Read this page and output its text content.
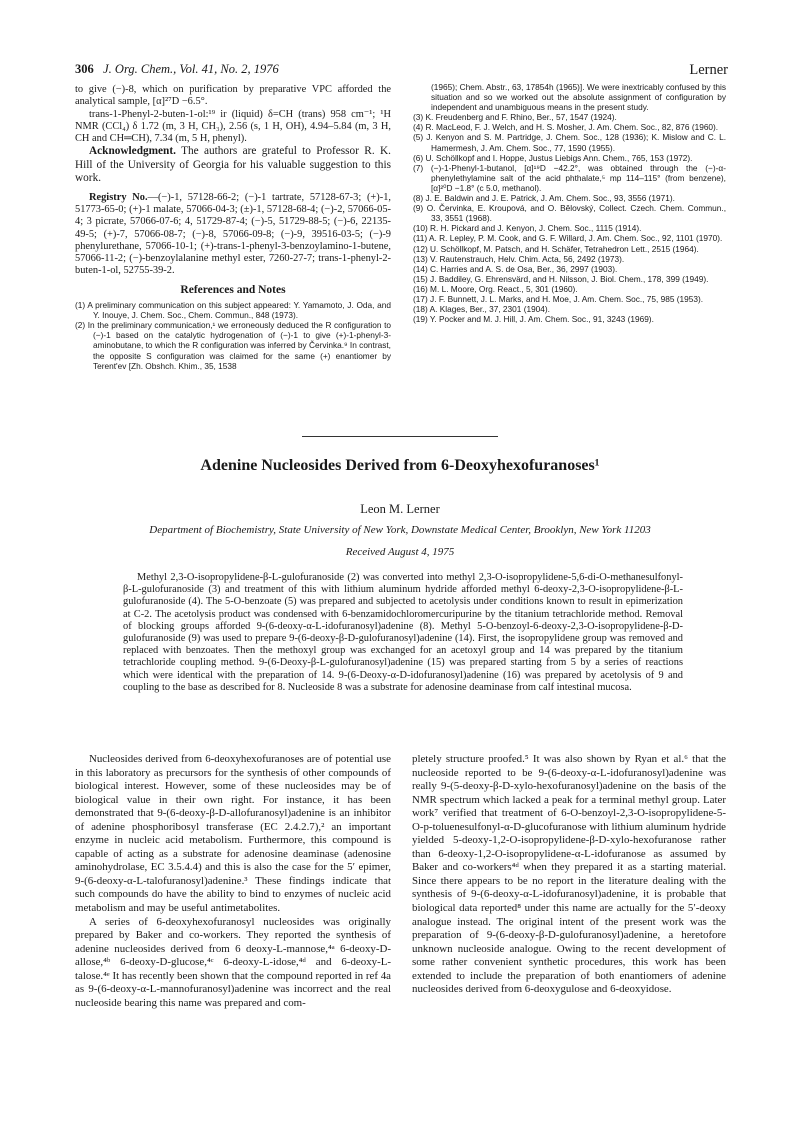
306 J. Org. Chem., Vol. 41, No. 2, 1976	Lerner

to give (−)-8, which on purification by preparative VPC afforded the analytical sample, [α]²⁷D −6.5°.

trans-1-Phenyl-2-buten-1-ol:¹⁹ ir (liquid) δ=CH (trans) 958 cm⁻¹; ¹H NMR (CCl₄) δ 1.72 (m, 3 H, CH₃), 2.56 (s, 1 H, OH), 4.94–5.84 (m, 3 H, CH and CH═CH), 7.34 (m, 5 H, phenyl).

Acknowledgment. The authors are grateful to Professor R. K. Hill of the University of Georgia for his valuable suggestion to this work.

Registry No.—(−)-1, 57128-66-2; (−)-1 tartrate, 57128-67-3; (+)-1, 51773-65-0; (+)-1 malate, 57066-04-3; (±)-1, 57128-68-4; (−)-2, 57066-05-4; 3 picrate, 57066-07-6; 4, 51729-87-4; (−)-5, 51729-88-5; (−)-6, 22135-49-5; (+)-7, 57066-08-7; (−)-8, 57066-09-8; (−)-9, 39516-03-5; (−)-9 phenylurethane, 57066-10-1; (+)-trans-1-phenyl-3-benzoylamino-1-butene, 57066-11-2; (−)-benzoylalanine methyl ester, 7260-27-7; trans-1-phenyl-2-buten-1-ol, 52755-39-2.

References and Notes

(1) A preliminary communication on this subject appeared: Y. Yamamoto, J. Oda, and Y. Inouye, J. Chem. Soc., Chem. Commun., 848 (1973).

(2) In the preliminary communication,¹ we erroneously deduced the R configuration to (−)-1 based on the catalytic hydrogenation of (−)-1 to give (+)-1-phenyl-3-aminobutane, to which the R configuration was inferred by Červinka.⁹ In contrast, the opposite S configuration was claimed for the same (+) enantiomer by Terent'ev [Zh. Obshch. Khim., 35, 1538

(1965); Chem. Abstr., 63, 17854h (1965)]. We were inextricably confused by this situation and so we worked out the absolute assignment of configuration by independent and unambiguous means in the present study.

(3) K. Freudenberg and F. Rhino, Ber., 57, 1547 (1924).

(4) R. MacLeod, F. J. Welch, and H. S. Mosher, J. Am. Chem. Soc., 82, 876 (1960).

(5) J. Kenyon and S. M. Partridge, J. Chem. Soc., 128 (1936); K. Mislow and C. L. Hamermesh, J. Am. Chem. Soc., 77, 1590 (1955).

(6) U. Schöllkopf and I. Hoppe, Justus Liebigs Ann. Chem., 765, 153 (1972).

(7) (−)-1-Phenyl-1-butanol, [α]¹⁹D −42.2°, was obtained through the (−)-α-phenylethylamine salt of the acid phthalate,⁵ mp 114–115° (from benzene), [α]²⁰D −1.8° (c 5.0, methanol).

(8) J. E. Baldwin and J. E. Patrick, J. Am. Chem. Soc., 93, 3556 (1971).

(9) O. Červinka, E. Kroupová, and O. Bělovský, Collect. Czech. Chem. Commun., 33, 3551 (1968).

(10) R. H. Pickard and J. Kenyon, J. Chem. Soc., 1115 (1914).

(11) A. R. Lepley, P. M. Cook, and G. F. Willard, J. Am. Chem. Soc., 92, 1101 (1970).

(12) U. Schöllkopf, M. Patsch, and H. Schäfer, Tetrahedron Lett., 2515 (1964).

(13) V. Rautenstrauch, Helv. Chim. Acta, 56, 2492 (1973).

(14) C. Harries and A. S. de Osa, Ber., 36, 2997 (1903).

(15) J. Baddiley, G. Ehrensvärd, and H. Nilsson, J. Biol. Chem., 178, 399 (1949).

(16) M. L. Moore, Org. React., 5, 301 (1960).

(17) J. F. Bunnett, J. L. Marks, and H. Moe, J. Am. Chem. Soc., 75, 985 (1953).

(18) A. Klages, Ber., 37, 2301 (1904).

(19) Y. Pocker and M. J. Hill, J. Am. Chem. Soc., 91, 3243 (1969).

Adenine Nucleosides Derived from 6-Deoxyhexofuranoses¹
Leon M. Lerner
Department of Biochemistry, State University of New York, Downstate Medical Center, Brooklyn, New York 11203
Received August 4, 1975
Methyl 2,3-O-isopropylidene-β-L-gulofuranoside (2) was converted into methyl 2,3-O-isopropylidene-5,6-di-O-methanesulfonyl-β-L-gulofuranoside (3) and treatment of this with lithium aluminum hydride afforded methyl 6-deoxy-2,3-O-isopropylidene-β-L-gulofuranoside (4). The 5-O-benzoate (5) was prepared and subjected to acetolysis under conditions known to result in epimerization at C-2. The acetolysis product was condensed with 6-benzamidochloromercuripurine by the titanium tetrachloride method. Removal of blocking groups afforded 9-(6-deoxy-α-L-idofuranosyl)adenine (8). Methyl 5-O-benzoyl-6-deoxy-2,3-O-isopropylidene-β-D-gulofuranoside (9) was used to prepare 9-(6-deoxy-β-D-gulofuranosyl)adenine (14). First, the isopropylidene group was removed and replaced with benzoates. Then the methoxyl group was exchanged for an acetoxyl group and 14 was prepared by the titanium tetrachloride coupling method. 9-(6-Deoxy-β-L-gulofuranosyl)adenine (15) was prepared starting from 5 by a series of reactions which were identical with the preparation of 14. 9-(6-Deoxy-α-D-idofuranosyl)adenine (16) was prepared by acetolysis of 9 and coupling to the base as described for 8. Nucleoside 8 was a substrate for adenosine deaminase from calf intestinal mucosa.

Nucleosides derived from 6-deoxyhexofuranoses are of potential use in this laboratory as precursors for the synthesis of other compounds of biological interest. However, some of these nucleosides may be of biological value in their own right. For instance, it has been demonstrated that 9-(6-deoxy-β-D-allofuranosyl)adenine is an inhibitor of adenine phosphoribosyl transferase (EC 2.4.2.7),² an important enzyme in nucleic acid metabolism. Furthermore, this compound is capable of acting as a substrate for adenosine deaminase (adenosine aminohydrolase, EC 3.5.4.4) and this is also the case for the 5′ epimer, 9-(6-deoxy-α-L-talofuranosyl)adenine.³ These findings indicate that such compounds do have the ability to bind to enzymes of nucleic acid metabolism and may be useful antimetabolites.

A series of 6-deoxyhexofuranosyl nucleosides was originally prepared by Baker and co-workers. They reported the synthesis of adenine nucleosides derived from 6 deoxy-L-mannose,⁴ᵃ 6-deoxy-D-allose,⁴ᵇ 6-deoxy-D-glucose,⁴ᶜ 6-deoxy-L-idose,⁴ᵈ and 6-deoxy-L-talose.⁴ᵉ It has recently been shown that the compound reported in ref 4a as 9-(6-deoxy-α-L-mannofuranosyl)adenine was incorrect and the real nucleoside bearing this name was prepared and com-

pletely structure proofed.⁵ It was also shown by Ryan et al.⁶ that the nucleoside reported to be 9-(6-deoxy-α-L-idofuranosyl)adenine was really 9-(5-deoxy-β-D-xylo-hexofuranosyl)adenine on the basis of the NMR spectrum which lacked a peak for a terminal methyl group. Later work⁷ verified that treatment of 6-O-benzoyl-2,3-O-isopropylidene-5-O-p-toluenesulfonyl-α-D-glucofuranose with lithium aluminum hydride yielded 5-deoxy-1,2-O-isopropylidene-β-D-xylo-hexofuranose rather than 6-deoxy-1,2-O-isopropylidene-α-L-idofuranose as assumed by Baker and co-workers⁴ᵈ when they prepared it as a starting material. Since there appears to be no report in the literature dealing with the synthesis of 9-(6-deoxy-α-L-idofuranosyl)adenine, it is probable that biological data reported⁸ under this name are actually for the 5′-deoxy analogue instead. The original intent of the present work was the preparation of 9-(6-deoxy-β-D-gulofuranosyl)adenine, a heretofore unknown nucleoside analogue. Owing to the recent development of some rather convenient synthetic procedures, this work has been extended to include the preparation of both enantiomers of adenine nucleosides derived from 6-deoxygulose and 6-deoxyidose.
